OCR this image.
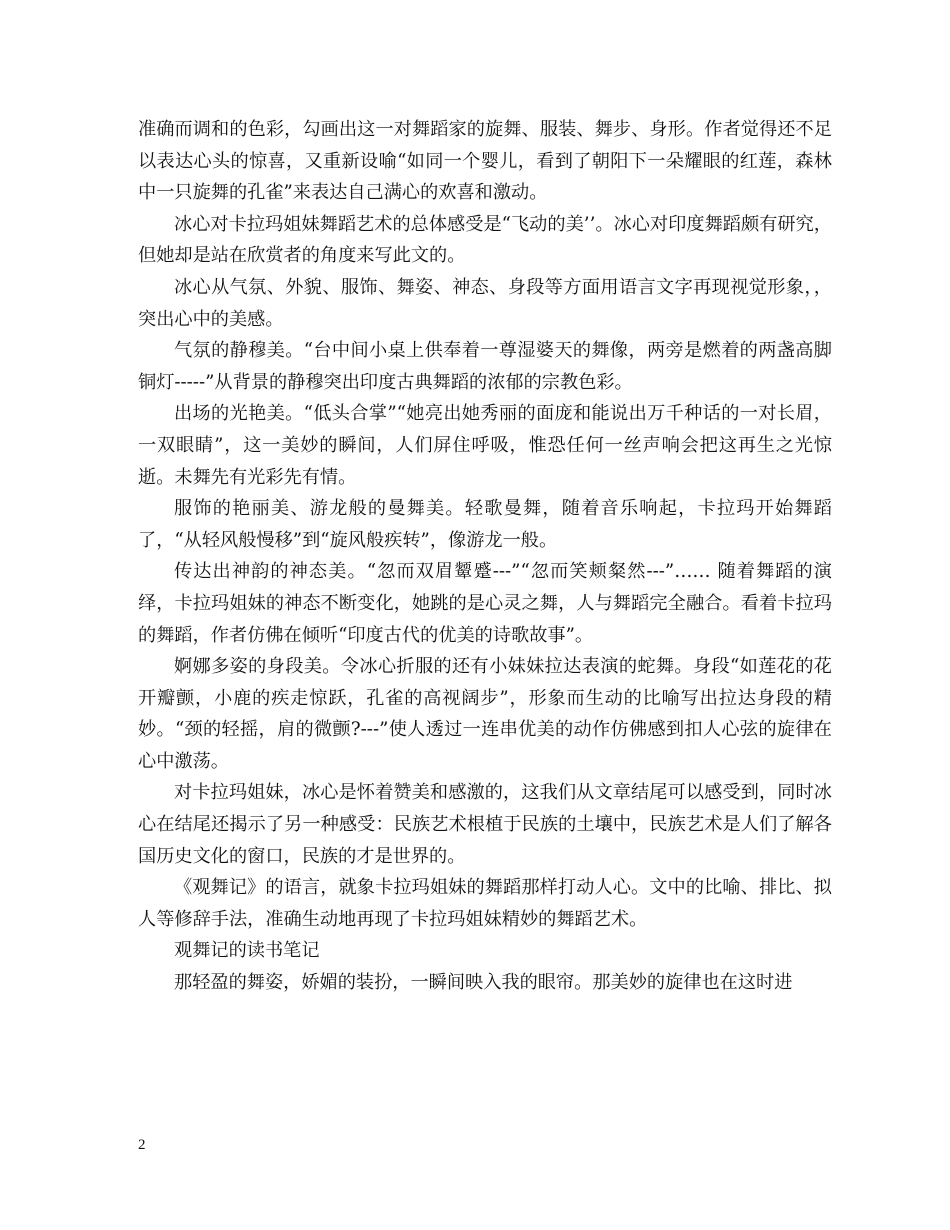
准确而调和的色彩，勾画出这一对舞蹈家的旋舞、服装、舞步、身形。作者觉得还不足以表达心头的惊喜，又重新设喻“如同一个婴儿，看到了朝阳下一朵耀眼的红莲，森林中一只旋舞的孔雀”来表达自己满心的欢喜和激动。

冰心对卡拉玛姐妹舞蹈艺术的总体感受是“飞动的美’’。冰心对印度舞蹈颇有研究，但她却是站在欣赏者的角度来写此文的。

冰心从气氛、外貌、服饰、舞姿、神态、身段等方面用语言文字再现视觉形象，，突出心中的美感。

气氛的静穆美。“台中间小桌上供奉着一尊湿婆天的舞像，两旁是燃着的两盏高脚铜灯-----”从背景的静穆突出印度古典舞蹈的浓郁的宗教色彩。

出场的光艳美。“低头合掌”“她亮出她秀丽的面庞和能说出万千种话的一对长眉，一双眼睛”，这一美妙的瞬间，人们屏住呼吸，惟恐任何一丝声响会把这再生之光惊逝。未舞先有光彩先有情。

服饰的艳丽美、游龙般的曼舞美。轻歌曼舞，随着音乐响起，卡拉玛开始舞蹈了，“从轻风般慢移”到“旋风般疾转”，像游龙一般。

传达出神韵的神态美。“忽而双眉颦蹙---”“忽而笑颊粲然---”…… 随着舞蹈的演绎，卡拉玛姐妹的神态不断变化，她跳的是心灵之舞，人与舞蹈完全融合。看着卡拉玛的舞蹈，作者仿佛在倾听“印度古代的优美的诗歌故事”。

婀娜多姿的身段美。令冰心折服的还有小妹妹拉达表演的蛇舞。身段“如莲花的花开瓣颤，小鹿的疾走惊跃，孔雀的高视阔步”，形象而生动的比喻写出拉达身段的精妙。“颈的轻摇，肩的微颤?---”使人透过一连串优美的动作仿佛感到扣人心弦的旋律在心中激荡。

对卡拉玛姐妹，冰心是怀着赞美和感激的，这我们从文章结尾可以感受到，同时冰心在结尾还揭示了另一种感受：民族艺术根植于民族的土壤中，民族艺术是人们了解各国历史文化的窗口，民族的才是世界的。

《观舞记》的语言，就象卡拉玛姐妹的舞蹈那样打动人心。文中的比喻、排比、拟人等修辞手法，准确生动地再现了卡拉玛姐妹精妙的舞蹈艺术。

观舞记的读书笔记

那轻盈的舞姿，娇媚的装扮，一瞬间映入我的眼帘。那美妙的旋律也在这时进

2
